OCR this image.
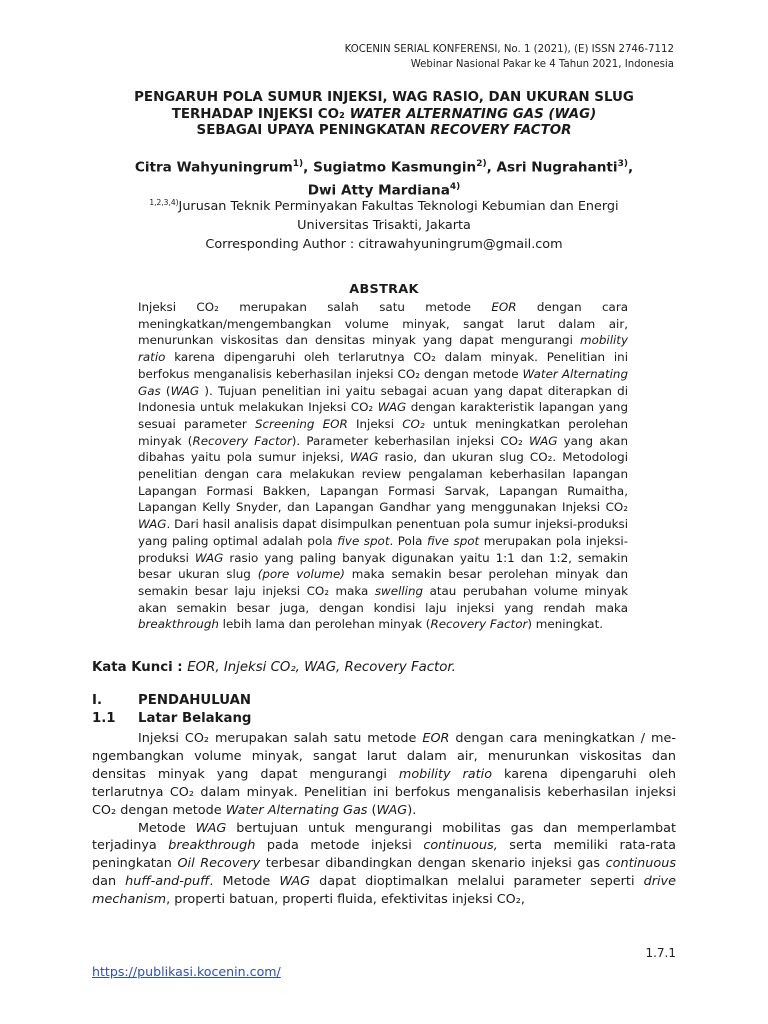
KOCENIN SERIAL KONFERENSI, No. 1 (2021), (E) ISSN 2746-7112
Webinar Nasional Pakar ke 4 Tahun 2021, Indonesia
PENGARUH POLA SUMUR INJEKSI, WAG RASIO, DAN UKURAN SLUG
TERHADAP INJEKSI CO₂ WATER ALTERNATING GAS (WAG)
SEBAGAI UPAYA PENINGKATAN RECOVERY FACTOR
Citra Wahyuningrum$^{1)}$, Sugiatmo Kasmungin$^{2)}$, Asri Nugrahanti$^{3)}$,
Dwi Atty Mardiana$^{4)}$
$^{1,2,3,4)}$Jurusan Teknik Perminyakan Fakultas Teknologi Kebumian dan Energi
Universitas Trisakti, Jakarta
Corresponding Author : citrawahyuningrum@gmail.com
ABSTRAK
Injeksi CO₂ merupakan salah satu metode EOR dengan cara meningkatkan/mengembangkan volume minyak, sangat larut dalam air, menurunkan viskositas dan densitas minyak yang dapat mengurangi mobility ratio karena dipengaruhi oleh terlarutnya CO₂ dalam minyak. Penelitian ini berfokus menganalisis keberhasilan injeksi CO₂ dengan metode Water Alternating Gas (WAG ). Tujuan penelitian ini yaitu sebagai acuan yang dapat diterapkan di Indonesia untuk melakukan Injeksi CO₂ WAG dengan karakteristik lapangan yang sesuai parameter Screening EOR Injeksi CO₂ untuk meningkatkan perolehan minyak (Recovery Factor). Parameter keberhasilan injeksi CO₂ WAG yang akan dibahas yaitu pola sumur injeksi, WAG rasio, dan ukuran slug CO₂. Metodologi penelitian dengan cara melakukan review pengalaman keberhasilan lapangan Lapangan Formasi Bakken, Lapangan Formasi Sarvak, Lapangan Rumaitha, Lapangan Kelly Snyder, dan Lapangan Gandhar yang menggunakan Injeksi CO₂ WAG. Dari hasil analisis dapat disimpulkan penentuan pola sumur injeksi-produksi yang paling optimal adalah pola five spot. Pola five spot merupakan pola injeksi-produksi WAG rasio yang paling banyak digunakan yaitu 1:1 dan 1:2, semakin besar ukuran slug (pore volume) maka semakin besar perolehan minyak dan semakin besar laju injeksi CO₂ maka swelling atau perubahan volume minyak akan semakin besar juga, dengan kondisi laju injeksi yang rendah maka breakthrough lebih lama dan perolehan minyak (Recovery Factor) meningkat.
Kata Kunci : EOR, Injeksi CO₂, WAG, Recovery Factor.
I.	PENDAHULUAN
1.1 Latar Belakang

Injeksi CO₂ merupakan salah satu metode EOR dengan cara meningkatkan / me-ngembangkan volume minyak, sangat larut dalam air, menurunkan viskositas dan densitas minyak yang dapat mengurangi mobility ratio karena dipengaruhi oleh terlarutnya CO₂ dalam minyak. Penelitian ini berfokus menganalisis keberhasilan injeksi CO₂ dengan metode Water Alternating Gas (WAG).

Metode WAG bertujuan untuk mengurangi mobilitas gas dan memperlambat terjadinya breakthrough pada metode injeksi continuous, serta memiliki rata-rata peningkatan Oil Recovery terbesar dibandingkan dengan skenario injeksi gas continuous dan huff-and-puff. Metode WAG dapat dioptimalkan melalui parameter seperti drive mechanism, properti batuan, properti fluida, efektivitas injeksi CO₂,

1.7.1
https://publikasi.kocenin.com/
